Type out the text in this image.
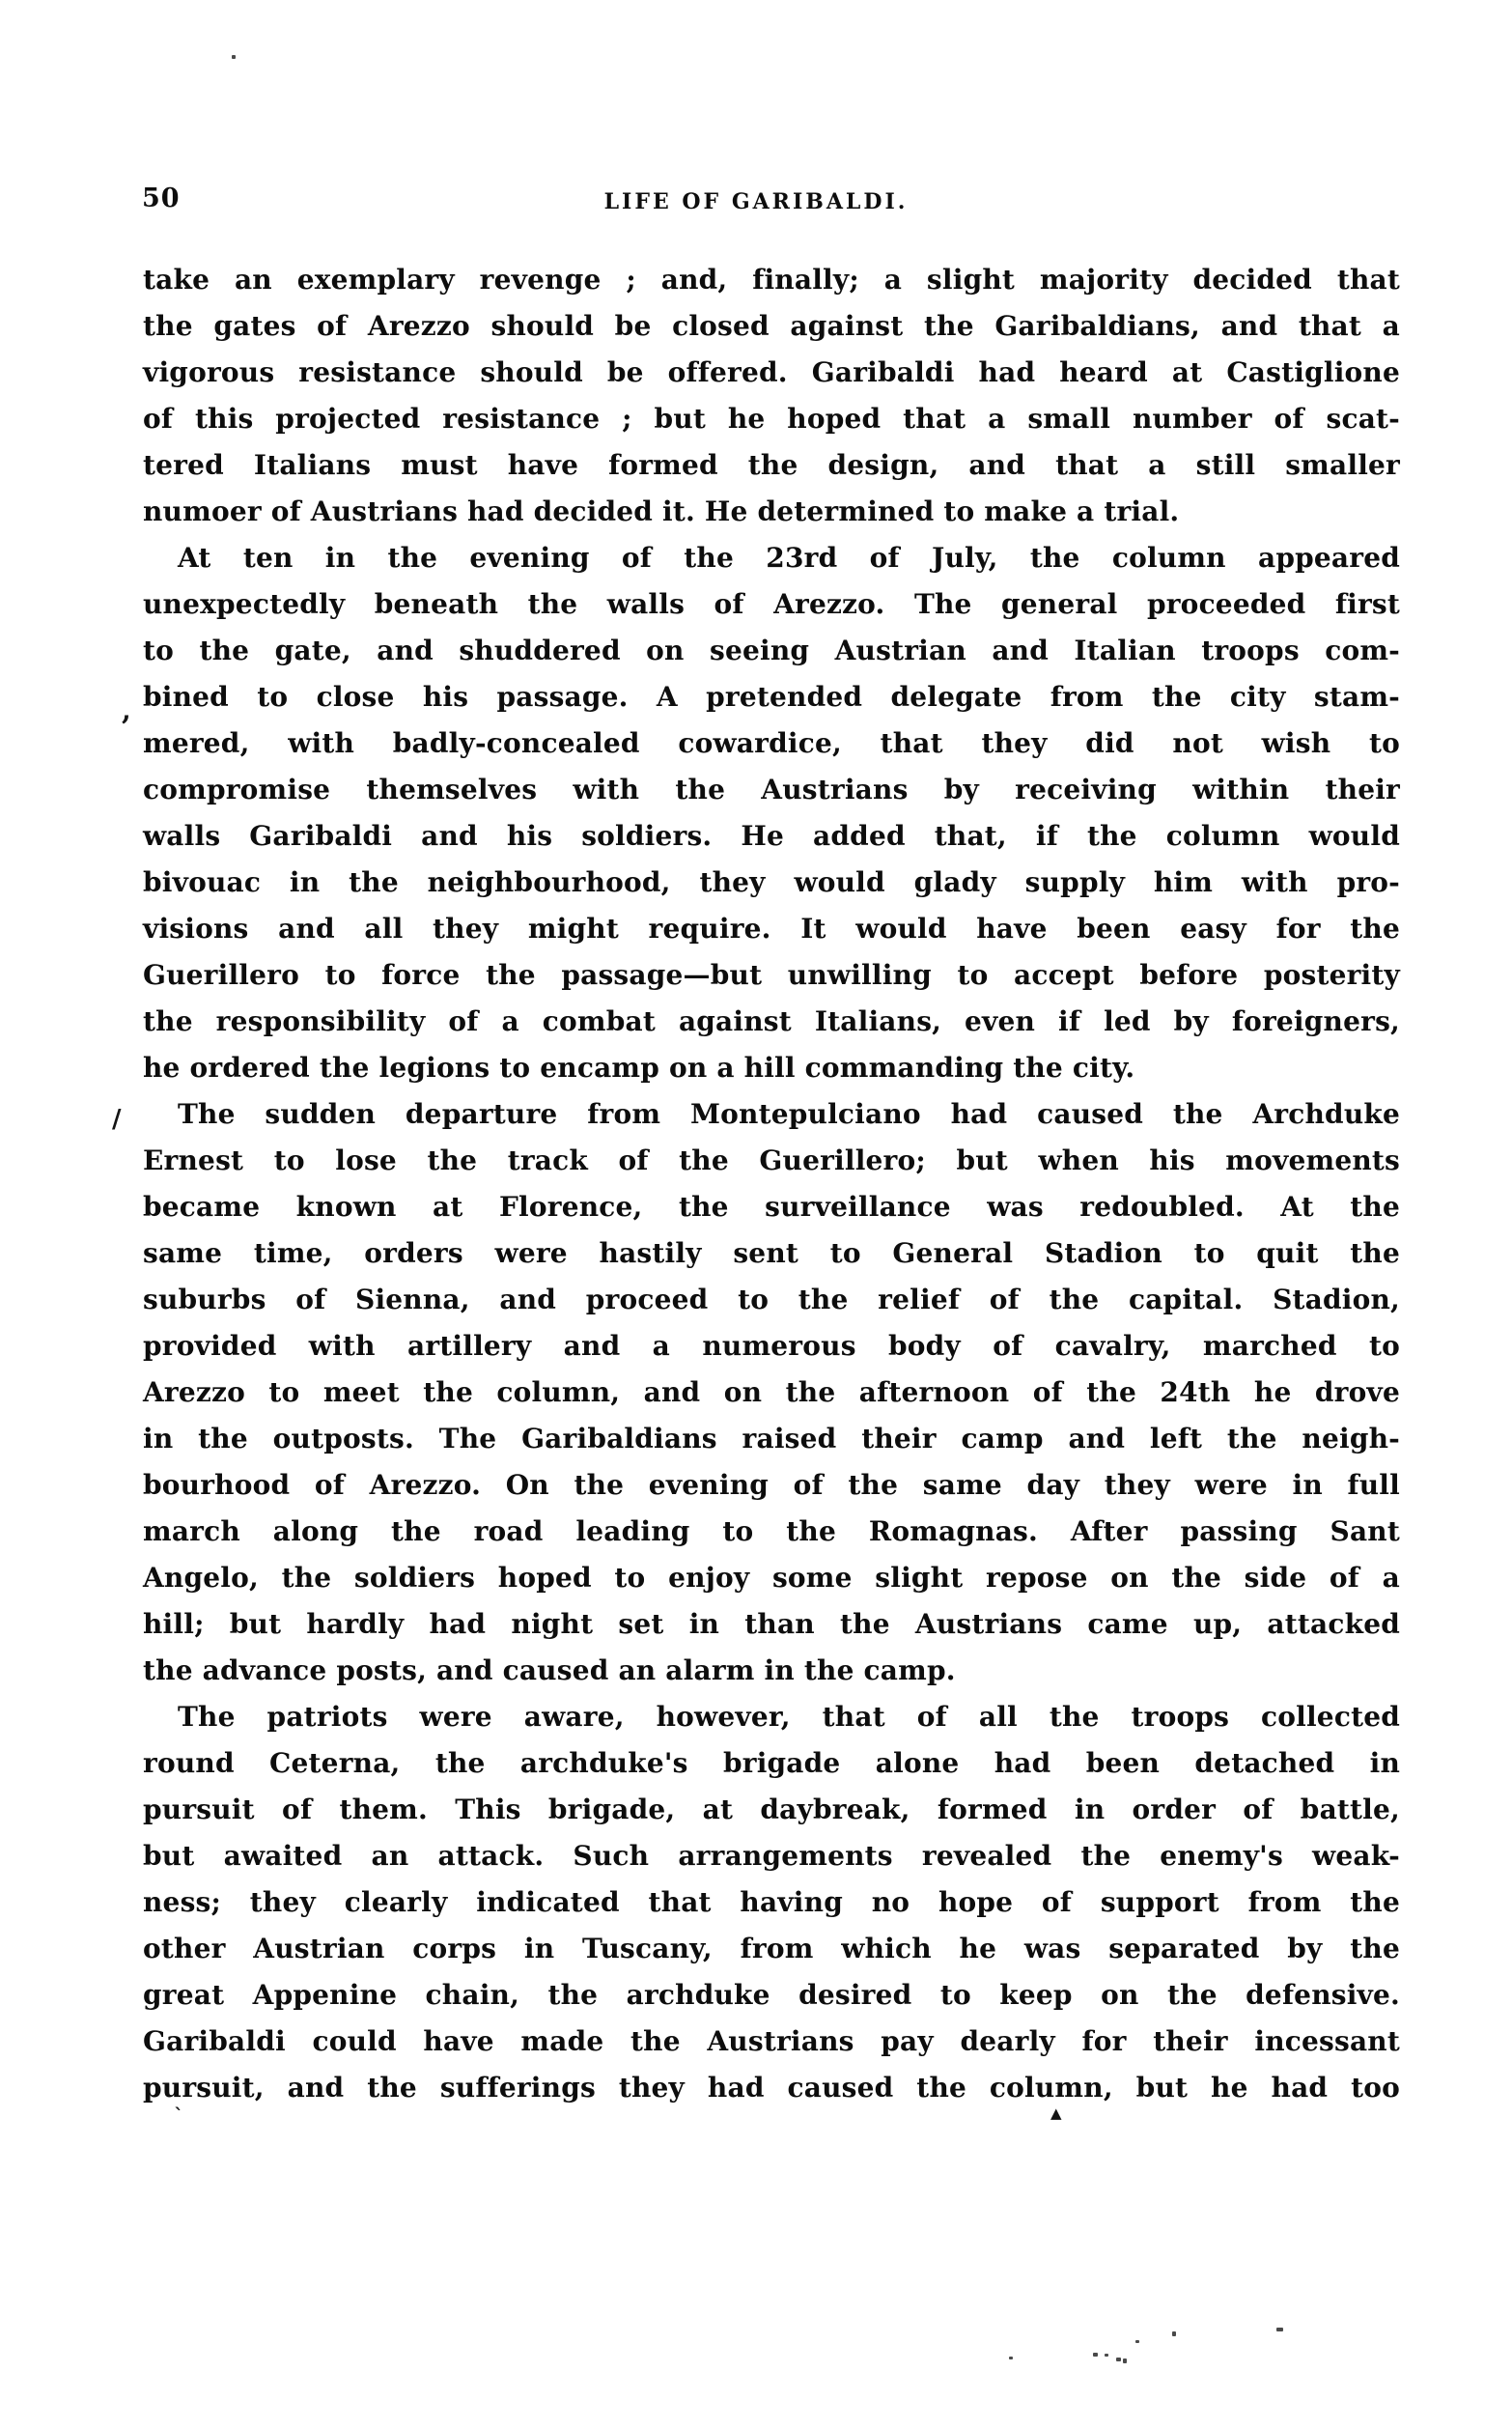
50	LIFE OF GARIBALDI.

take an exemplary revenge ; and, finally; a slight majority decided that
the gates of Arezzo should be closed against the Garibaldians, and that a
vigorous resistance should be offered. Garibaldi had heard at Castiglione
of this projected resistance ; but he hoped that a small number of scat-
tered Italians must have formed the design, and that a still smaller
numoer of Austrians had decided it. He determined to make a trial.

At ten in the evening of the 23rd of July, the column appeared
unexpectedly beneath the walls of Arezzo. The general proceeded first
to the gate, and shuddered on seeing Austrian and Italian troops com-
bined to close his passage. A pretended delegate from the city stam-
mered, with badly-concealed cowardice, that they did not wish to
compromise themselves with the Austrians by receiving within their
walls Garibaldi and his soldiers. He added that, if the column would
bivouac in the neighbourhood, they would glady supply him with pro-
visions and all they might require. It would have been easy for the
Guerillero to force the passage—but unwilling to accept before posterity
the responsibility of a combat against Italians, even if led by foreigners,
he ordered the legions to encamp on a hill commanding the city.

The sudden departure from Montepulciano had caused the Archduke
Ernest to lose the track of the Guerillero; but when his movements
became known at Florence, the surveillance was redoubled. At the
same time, orders were hastily sent to General Stadion to quit the
suburbs of Sienna, and proceed to the relief of the capital. Stadion,
provided with artillery and a numerous body of cavalry, marched to
Arezzo to meet the column, and on the afternoon of the 24th he drove
in the outposts. The Garibaldians raised their camp and left the neigh-
bourhood of Arezzo. On the evening of the same day they were in full
march along the road leading to the Romagnas. After passing Sant
Angelo, the soldiers hoped to enjoy some slight repose on the side of a
hill; but hardly had night set in than the Austrians came up, attacked
the advance posts, and caused an alarm in the camp.

The patriots were aware, however, that of all the troops collected
round Ceterna, the archduke's brigade alone had been detached in
pursuit of them. This brigade, at daybreak, formed in order of battle,
but awaited an attack. Such arrangements revealed the enemy's weak-
ness; they clearly indicated that having no hope of support from the
other Austrian corps in Tuscany, from which he was separated by the
great Appenine chain, the archduke desired to keep on the defensive.
Garibaldi could have made the Austrians pay dearly for their incessant
pursuit, and the sufferings they had caused the column, but he had too

▲
,
/
`
